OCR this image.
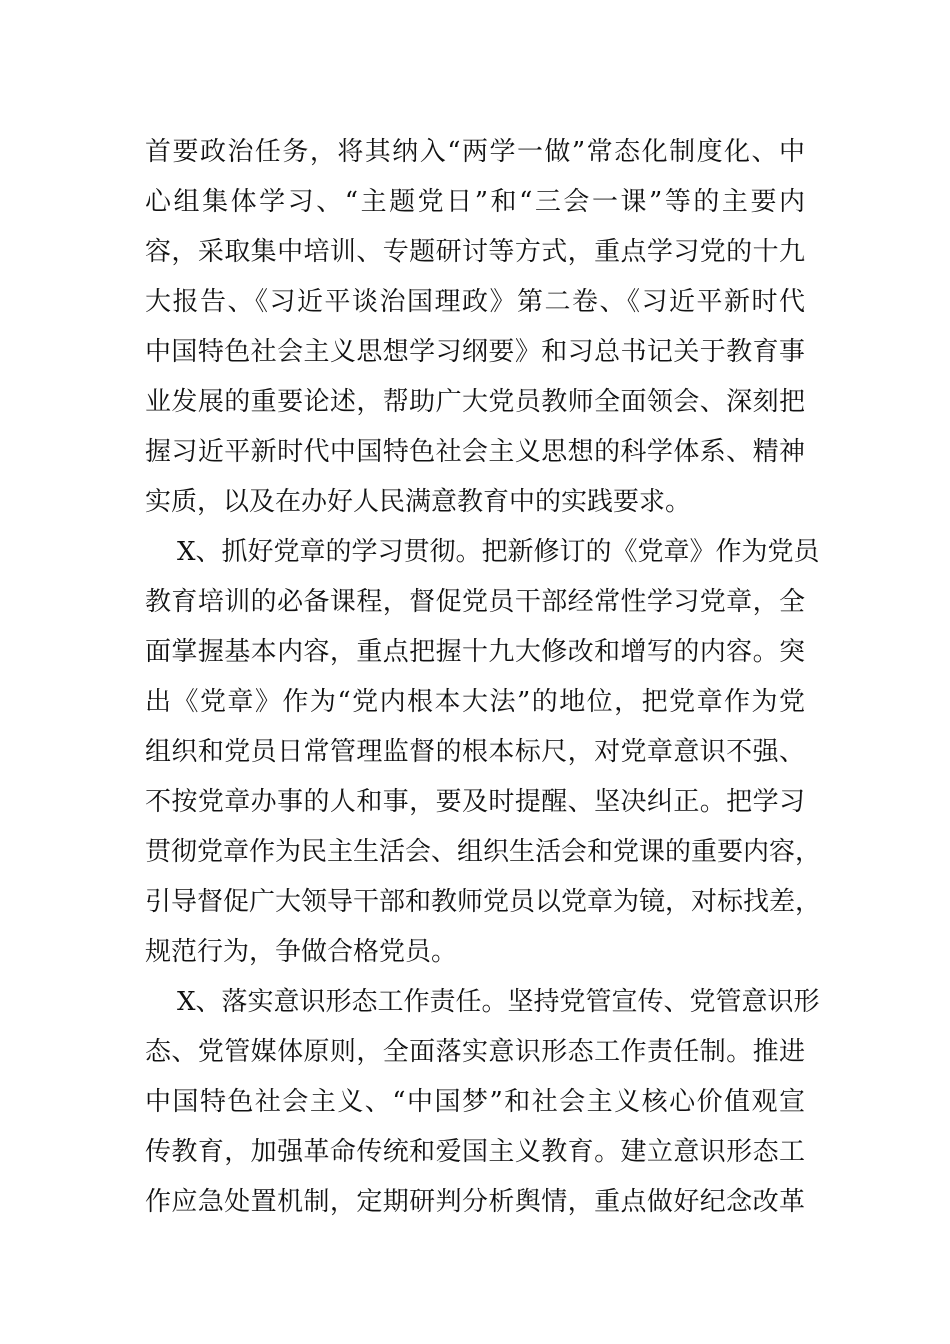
首要政治任务，将其纳入“两学一做”常态化制度化、中
心组集体学习、“主题党日”和“三会一课”等的主要内
容，采取集中培训、专题研讨等方式，重点学习党的十九
大报告、《习近平谈治国理政》第二卷、《习近平新时代
中国特色社会主义思想学习纲要》和习总书记关于教育事
业发展的重要论述，帮助广大党员教师全面领会、深刻把
握习近平新时代中国特色社会主义思想的科学体系、精神
实质，以及在办好人民满意教育中的实践要求。
X、抓好党章的学习贯彻。把新修订的《党章》作为党员
教育培训的必备课程，督促党员干部经常性学习党章，全
面掌握基本内容，重点把握十九大修改和增写的内容。突
出《党章》作为“党内根本大法”的地位，把党章作为党
组织和党员日常管理监督的根本标尺，对党章意识不强、
不按党章办事的人和事，要及时提醒、坚决纠正。把学习
贯彻党章作为民主生活会、组织生活会和党课的重要内容，
引导督促广大领导干部和教师党员以党章为镜，对标找差，
规范行为，争做合格党员。
X、落实意识形态工作责任。坚持党管宣传、党管意识形
态、党管媒体原则，全面落实意识形态工作责任制。推进
中国特色社会主义、“中国梦”和社会主义核心价值观宣
传教育，加强革命传统和爱国主义教育。建立意识形态工
作应急处置机制，定期研判分析舆情，重点做好纪念改革
